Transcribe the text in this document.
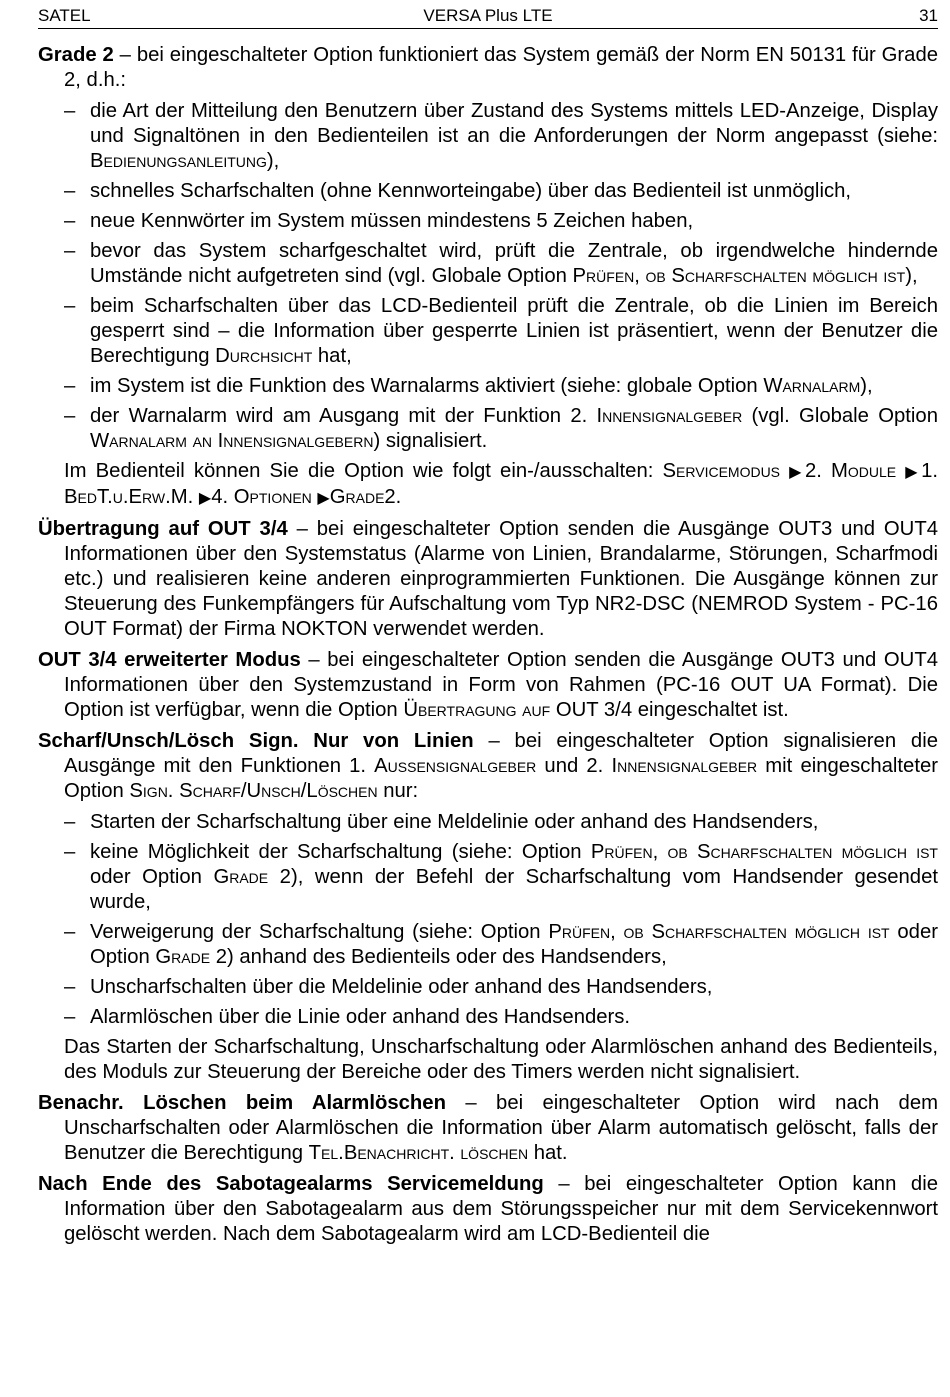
SATEL	VERSA Plus LTE	31

Grade 2 – bei eingeschalteter Option funktioniert das System gemäß der Norm EN 50131 für Grade 2, d.h.:

– die Art der Mitteilung den Benutzern über Zustand des Systems mittels LED-Anzeige, Display und Signaltönen in den Bedienteilen ist an die Anforderungen der Norm angepasst (siehe: Bedienungsanleitung),
– schnelles Scharfschalten (ohne Kennworteingabe) über das Bedienteil ist unmöglich,
– neue Kennwörter im System müssen mindestens 5 Zeichen haben,
– bevor das System scharfgeschaltet wird, prüft die Zentrale, ob irgendwelche hindernde Umstände nicht aufgetreten sind (vgl. Globale Option Prüfen, ob Scharfschalten möglich ist),
– beim Scharfschalten über das LCD-Bedienteil prüft die Zentrale, ob die Linien im Bereich gesperrt sind – die Information über gesperrte Linien ist präsentiert, wenn der Benutzer die Berechtigung Durchsicht hat,
– im System ist die Funktion des Warnalarms aktiviert (siehe: globale Option Warnalarm),
– der Warnalarm wird am Ausgang mit der Funktion 2. Innensignalgeber (vgl. Globale Option Warnalarm an Innensignalgebern) signalisiert.

Im Bedienteil können Sie die Option wie folgt ein-/ausschalten: Servicemodus ▶2. Module ▶1. BedT.u.Erw.M. ▶4. Optionen ▶Grade2.

Übertragung auf OUT 3/4 – bei eingeschalteter Option senden die Ausgänge OUT3 und OUT4 Informationen über den Systemstatus (Alarme von Linien, Brandalarme, Störungen, Scharfmodi etc.) und realisieren keine anderen einprogrammierten Funktionen. Die Ausgänge können zur Steuerung des Funkempfängers für Aufschaltung vom Typ NR2-DSC (NEMROD System - PC-16 OUT Format) der Firma NOKTON verwendet werden.

OUT 3/4 erweiterter Modus – bei eingeschalteter Option senden die Ausgänge OUT3 und OUT4 Informationen über den Systemzustand in Form von Rahmen (PC-16 OUT UA Format). Die Option ist verfügbar, wenn die Option Übertragung auf OUT 3/4 eingeschaltet ist.

Scharf/Unsch/Lösch Sign. Nur von Linien – bei eingeschalteter Option signalisieren die Ausgänge mit den Funktionen 1. Außensignalgeber und 2. Innensignalgeber mit eingeschalteter Option Sign. Scharf/Unsch/Löschen nur:

– Starten der Scharfschaltung über eine Meldelinie oder anhand des Handsenders,
– keine Möglichkeit der Scharfschaltung (siehe: Option Prüfen, ob Scharfschalten möglich ist oder Option Grade 2), wenn der Befehl der Scharfschaltung vom Handsender gesendet wurde,
– Verweigerung der Scharfschaltung (siehe: Option Prüfen, ob Scharfschalten möglich ist oder Option Grade 2) anhand des Bedienteils oder des Handsenders,
– Unscharfschalten über die Meldelinie oder anhand des Handsenders,
– Alarmlöschen über die Linie oder anhand des Handsenders.

Das Starten der Scharfschaltung, Unscharfschaltung oder Alarmlöschen anhand des Bedienteils, des Moduls zur Steuerung der Bereiche oder des Timers werden nicht signalisiert.

Benachr. Löschen beim Alarmlöschen – bei eingeschalteter Option wird nach dem Unscharfschalten oder Alarmlöschen die Information über Alarm automatisch gelöscht, falls der Benutzer die Berechtigung Tel.Benachricht. löschen hat.

Nach Ende des Sabotagealarms Servicemeldung – bei eingeschalteter Option kann die Information über den Sabotagealarm aus dem Störungsspeicher nur mit dem Servicekennwort gelöscht werden. Nach dem Sabotagealarm wird am LCD-Bedienteil die
